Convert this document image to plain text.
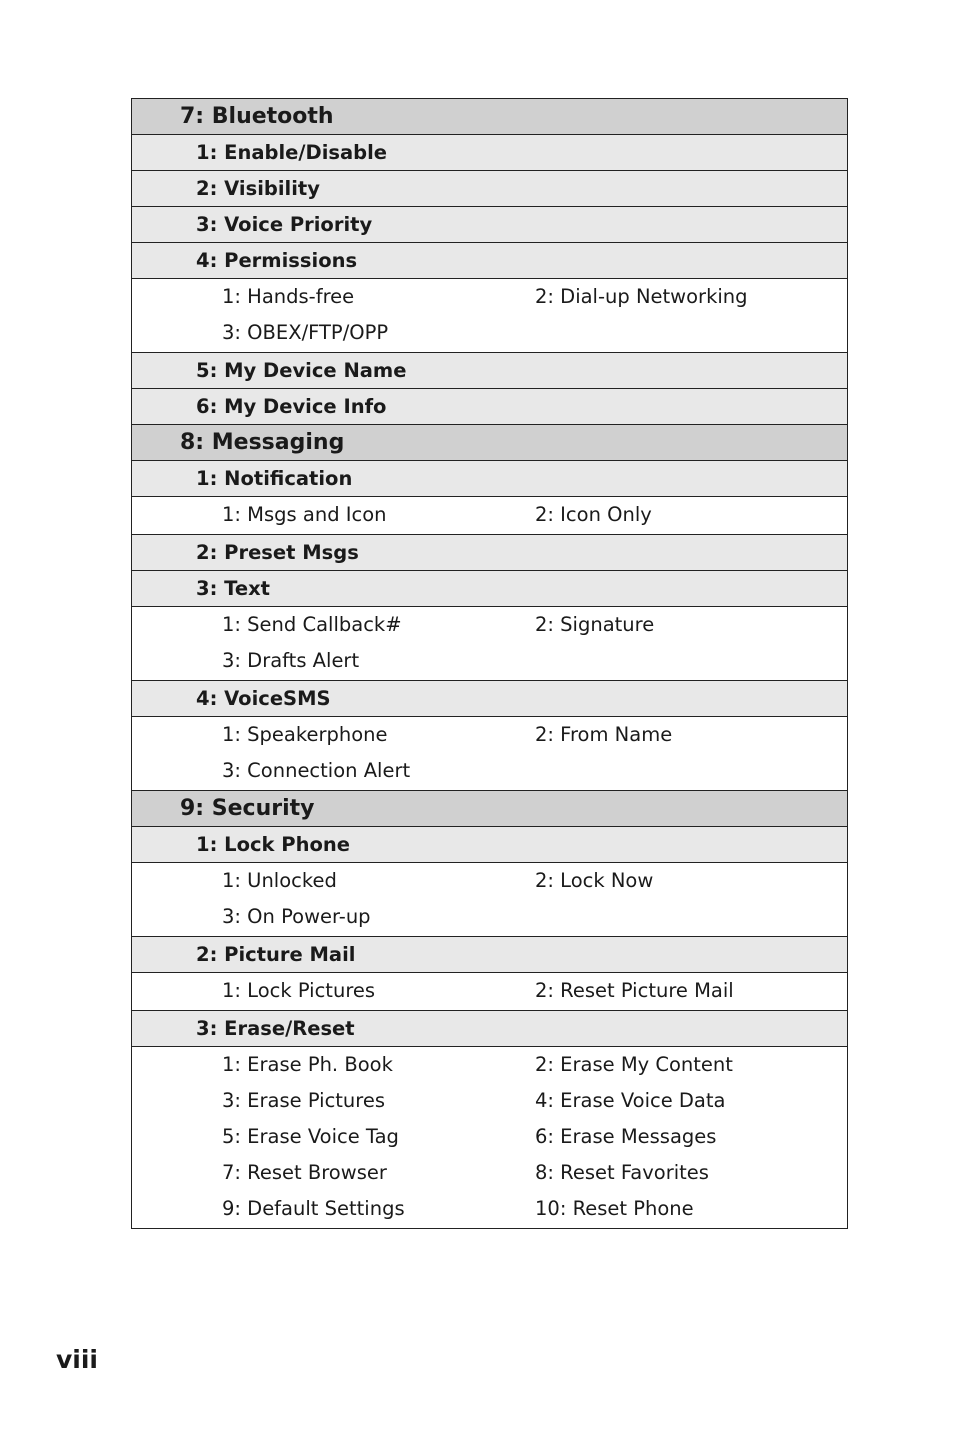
7: Bluetooth
1: Enable/Disable
2: Visibility
3: Voice Priority
4: Permissions
1: Hands-free	2: Dial-up Networking
3: OBEX/FTP/OPP
5: My Device Name
6: My Device Info
8: Messaging
1: Notification
1: Msgs and Icon	2: Icon Only
2: Preset Msgs
3: Text
1: Send Callback#	2: Signature
3: Drafts Alert
4: VoiceSMS
1: Speakerphone	2: From Name
3: Connection Alert
9: Security
1: Lock Phone
1: Unlocked	2: Lock Now
3: On Power-up
2: Picture Mail
1: Lock Pictures	2: Reset Picture Mail
3: Erase/Reset
1: Erase Ph. Book	2: Erase My Content
3: Erase Pictures	4: Erase Voice Data
5: Erase Voice Tag	6: Erase Messages
7: Reset Browser	8: Reset Favorites
9: Default Settings	10: Reset Phone
viii
